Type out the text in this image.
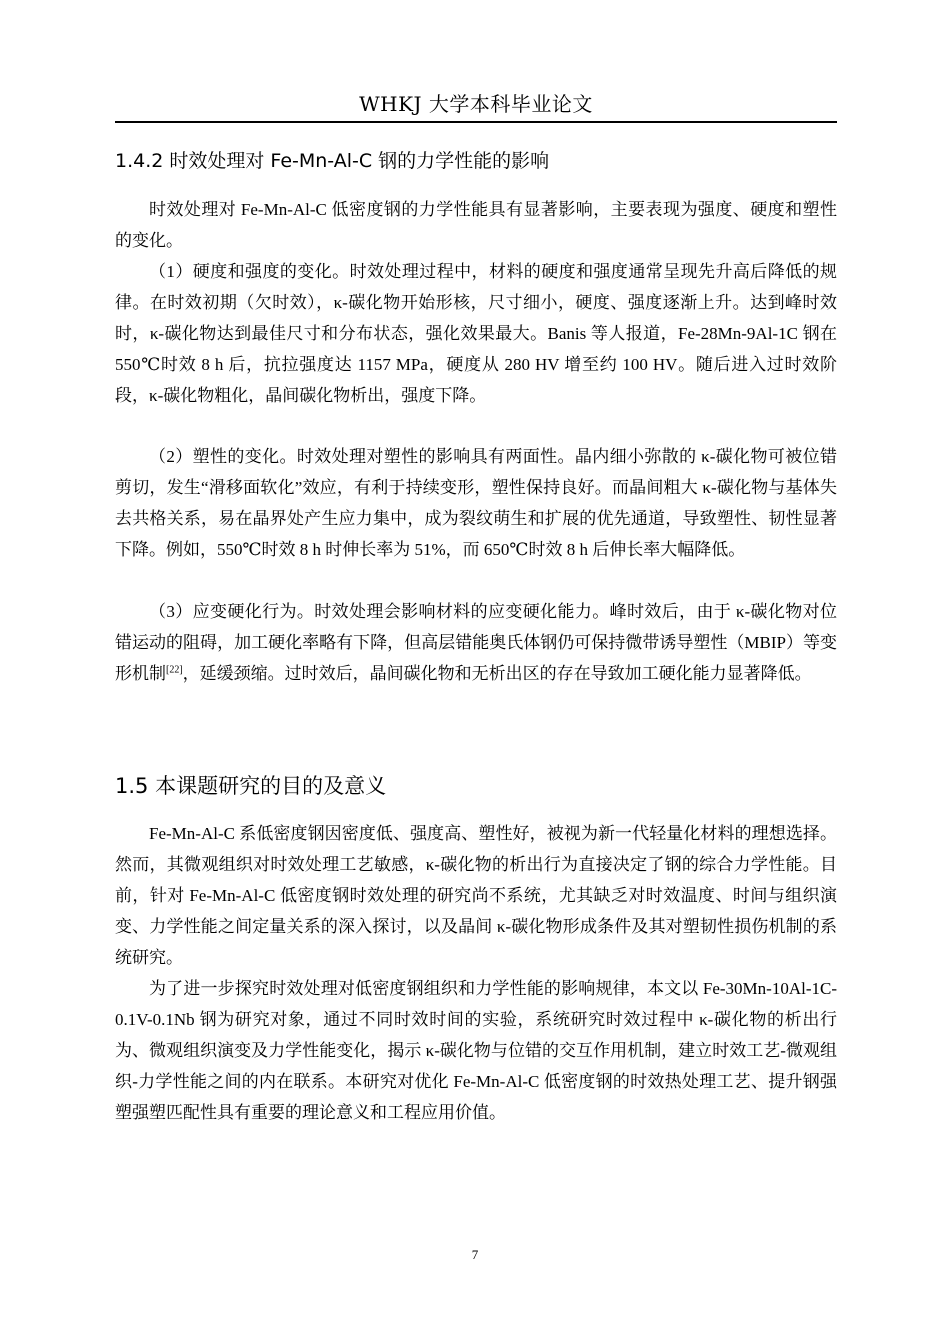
WHKJ 大学本科毕业论文
1.4.2 时效处理对 Fe-Mn-Al-C 钢的力学性能的影响

时效处理对 Fe-Mn-Al-C 低密度钢的力学性能具有显著影响，主要表现为强度、硬度和塑性的变化。

（1）硬度和强度的变化。时效处理过程中，材料的硬度和强度通常呈现先升高后降低的规律。在时效初期（欠时效），κ-碳化物开始形核，尺寸细小，硬度、强度逐渐上升。达到峰时效时，κ-碳化物达到最佳尺寸和分布状态，强化效果最大。Banis 等人报道，Fe-28Mn-9Al-1C 钢在 550℃时效 8 h 后，抗拉强度达 1157 MPa，硬度从 280 HV 增至约 100 HV。随后进入过时效阶段，κ-碳化物粗化，晶间碳化物析出，强度下降。

（2）塑性的变化。时效处理对塑性的影响具有两面性。晶内细小弥散的 κ-碳化物可被位错剪切，发生“滑移面软化”效应，有利于持续变形，塑性保持良好。而晶间粗大 κ-碳化物与基体失去共格关系，易在晶界处产生应力集中，成为裂纹萌生和扩展的优先通道，导致塑性、韧性显著下降。例如，550℃时效 8 h 时伸长率为 51%，而 650℃时效 8 h 后伸长率大幅降低。

（3）应变硬化行为。时效处理会影响材料的应变硬化能力。峰时效后，由于 κ-碳化物对位错运动的阻碍，加工硬化率略有下降，但高层错能奥氏体钢仍可保持微带诱导塑性（MBIP）等变形机制[22]，延缓颈缩。过时效后，晶间碳化物和无析出区的存在导致加工硬化能力显著降低。

1.5 本课题研究的目的及意义

Fe-Mn-Al-C 系低密度钢因密度低、强度高、塑性好，被视为新一代轻量化材料的理想选择。然而，其微观组织对时效处理工艺敏感，κ-碳化物的析出行为直接决定了钢的综合力学性能。目前，针对 Fe-Mn-Al-C 低密度钢时效处理的研究尚不系统，尤其缺乏对时效温度、时间与组织演变、力学性能之间定量关系的深入探讨，以及晶间 κ-碳化物形成条件及其对塑韧性损伤机制的系统研究。

为了进一步探究时效处理对低密度钢组织和力学性能的影响规律，本文以 Fe-30Mn-10Al-1C-0.1V-0.1Nb 钢为研究对象，通过不同时效时间的实验，系统研究时效过程中 κ-碳化物的析出行为、微观组织演变及力学性能变化，揭示 κ-碳化物与位错的交互作用机制，建立时效工艺-微观组织-力学性能之间的内在联系。本研究对优化 Fe-Mn-Al-C 低密度钢的时效热处理工艺、提升钢强塑强塑匹配性具有重要的理论意义和工程应用价值。

7
